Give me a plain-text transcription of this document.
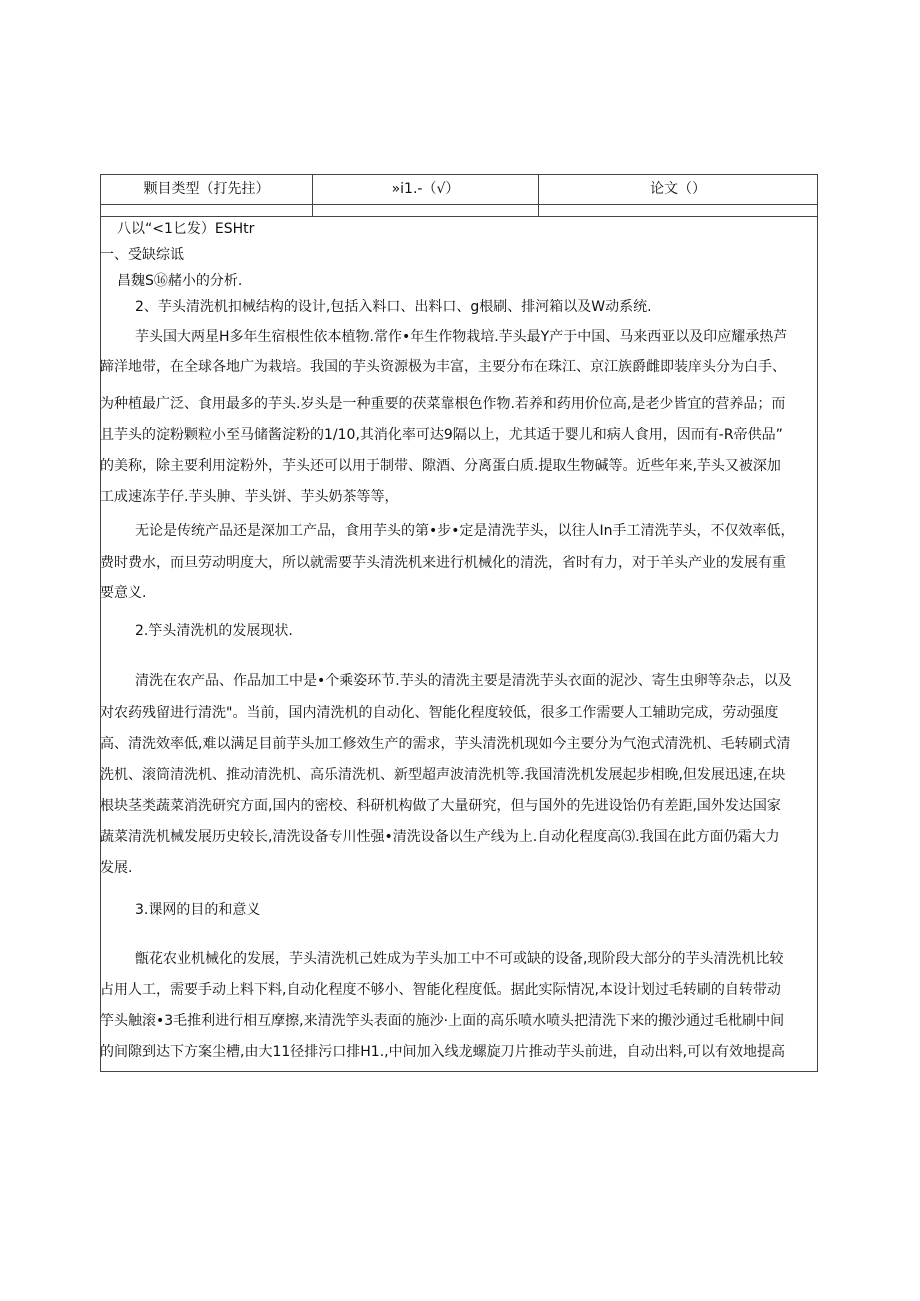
颗目类型（打先拄）	»i1.-（√）	论文（）
八以“<1匕发）ESHtr
一、受缺综诋
昌魏S⑯赭小的分析.
2、芋头清洗机扣械结构的设计,包括入料口、出料口、g根刷、排河箱以及W动系统.
芋头国大两星H多年生宿根性依本植物.常作•年生作物栽培.芋头最Y产于中国、马来西亚以及印应耀承热芦
蹄洋地带，在全球各地广为栽培。我国的芋头资源极为丰富，主要分布在珠江、京江族爵雌即装庠头分为白手、
为种植最广泛、食用最多的芋头.岁头是一种重要的茯菜靠根色作物.若养和药用价位高,是老少皆宜的营养品；而
且芋头的淀粉颗粒小至马储酱淀粉的1/10,其消化率可达9隔以上，尤其适于婴儿和病人食用，因而有-R帝供品”
的美称，除主要利用淀粉外，芋头还可以用于制带、隙酒、分离蛋白质.提取生物碱等。近些年来,芋头又被深加
工成速冻芋仔.芋头胂、芋头饼、芋头奶茶等等，
无论是传统产品还是深加工产品，食用芋头的第•步•定是清洗芋头，以往人In手工清洗芋头，不仅效率低，
费时费水，而旦劳动明度大，所以就需要芋头清洗机来进行机械化的清洗，省时有力，对于羊头产业的发展有重
要意义.
2.竽头清洗机的发展现状.
清洗在农产品、作品加工中是•个乘姿环节.芋头的清洗主要是清洗芋头衣面的泥沙、寄生虫卵等杂忐，以及
对农药残留进行清洗"。当前，国内清洗机的自动化、智能化程度较低，很多工作需要人工辅助完成，劳动强度
高、清洗效率低,难以满足目前芋头加工修效生产的需求，芋头清洗机现如今主要分为气泡式清洗机、毛转刷式清
洗机、滚筒清洗机、推动清洗机、高乐清洗机、新型超声波清洗机等.我国清洗机发展起步相晚,但发展迅速,在块
根块茎类蔬菜消洗研究方面,国内的密校、科研机构做了大量研究，但与国外的先进设饴仍有差距,国外发达国家
蔬菜清洗机械发展历史较长,清洗设备专川性强•清洗设备以生产线为上.自动化程度高⑶.我国在此方面仍霜大力
发展.
3.课网的目的和意义
甑花农业机械化的发展，芋头清洗机己姓成为芋头加工中不可或缺的设备,现阶段大部分的芋头清洗机比较
占用人工，需要手动上料下料,自动化程度不够小、智能化程度低。据此实际情况,本设计划过毛转刷的自转带动
竽头触滚•3毛推利进行相互摩擦,来清洗竽头表面的施沙·上面的高乐喷水喷头把清洗下来的搬沙通过毛枇刷中间
的间隙到达下方案尘槽,由大11径排污口排H1.,中间加入线龙螺旋刀片推动芋头前进，自动出料,可以有效地提高
